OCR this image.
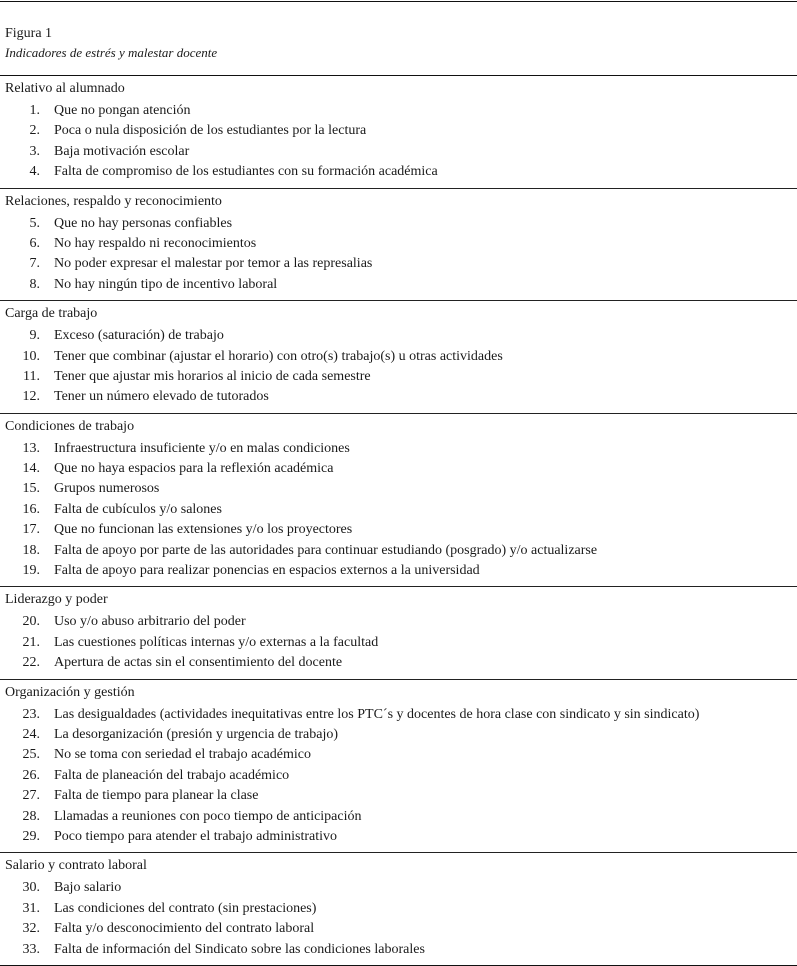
Figura 1
Indicadores de estrés y malestar docente
Relativo al alumnado
1.	Que no pongan atención
2.	Poca o nula disposición de los estudiantes por la lectura
3.	Baja motivación escolar
4.	Falta de compromiso de los estudiantes con su formación académica
Relaciones, respaldo y reconocimiento
5.	Que no hay personas confiables
6.	No hay respaldo ni reconocimientos
7.	No poder expresar el malestar por temor a las represalias
8.	No hay ningún tipo de incentivo laboral
Carga de trabajo
9.	Exceso (saturación) de trabajo
10.	Tener que combinar (ajustar el horario) con otro(s) trabajo(s) u otras actividades
11.	Tener que ajustar mis horarios al inicio de cada semestre
12.	Tener un número elevado de tutorados
Condiciones de trabajo
13.	Infraestructura insuficiente y/o en malas condiciones
14.	Que no haya espacios para la reflexión académica
15.	Grupos numerosos
16.	Falta de cubículos y/o salones
17.	Que no funcionan las extensiones y/o los proyectores
18.	Falta de apoyo por parte de las autoridades para continuar estudiando (posgrado) y/o actualizarse
19.	Falta de apoyo para realizar ponencias en espacios externos a la universidad
Liderazgo y poder
20.	Uso y/o abuso arbitrario del poder
21.	Las cuestiones políticas internas y/o externas a la facultad
22.	Apertura de actas sin el consentimiento del docente
Organización y gestión
23.	Las desigualdades (actividades inequitativas entre los PTC´s y docentes de hora clase con sindicato y sin sindicato)
24.	La desorganización (presión y urgencia de trabajo)
25.	No se toma con seriedad el trabajo académico
26.	Falta de planeación del trabajo académico
27.	Falta de tiempo para planear la clase
28.	Llamadas a reuniones con poco tiempo de anticipación
29.	Poco tiempo para atender el trabajo administrativo
Salario y contrato laboral
30.	Bajo salario
31.	Las condiciones del contrato (sin prestaciones)
32.	Falta y/o desconocimiento del contrato laboral
33.	Falta de información del Sindicato sobre las condiciones laborales
